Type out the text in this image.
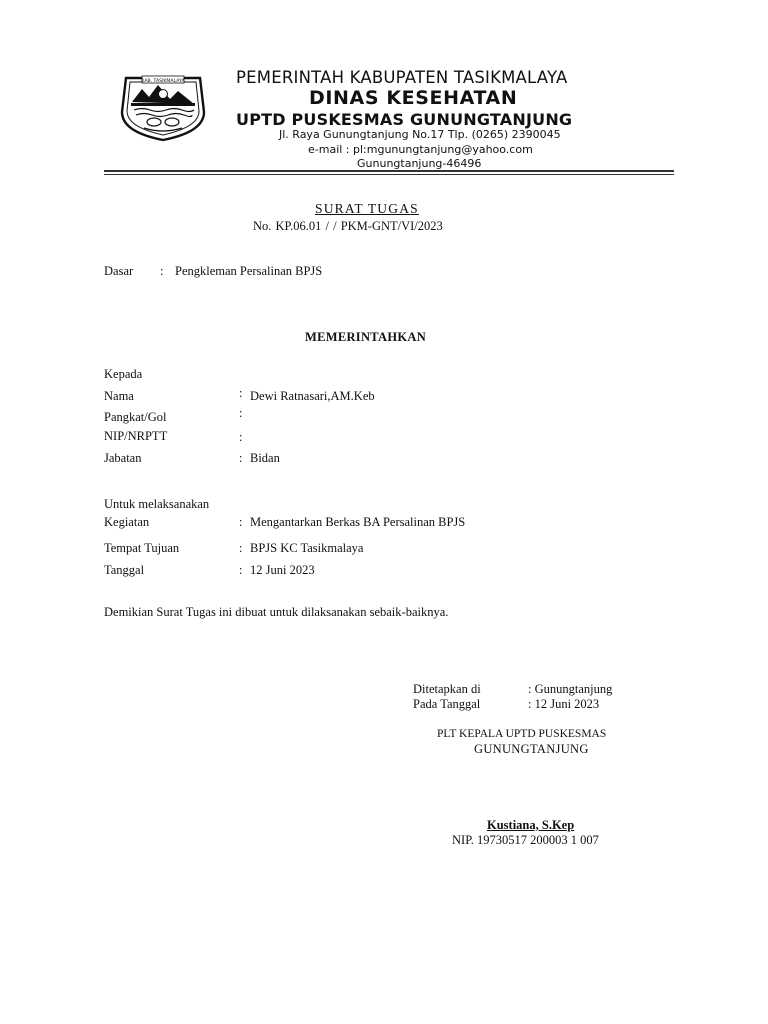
KAB. TASIKMALAYA	PEMERINTAH KABUPATEN TASIKMALAYA
DINAS KESEHATAN
UPTD PUSKESMAS GUNUNGTANJUNG
Jl. Raya Gunungtanjung No.17 Tlp. (0265) 2390045
e-mail : pl:mgunungtanjung@yahoo.com
Gunungtanjung-46496
SURAT TUGAS
No. KP.06.01 / / PKM-GNT/VI/2023
Dasar : Pengkleman Persalinan BPJS
MEMERINTAHKAN
Kepada
Nama	: Dewi Ratnasari,AM.Keb
Pangkat/Gol	:
NIP/NRPTT	:
Jabatan	: Bidan
Untuk melaksanakan
Kegiatan	: Mengantarkan Berkas BA Persalinan BPJS
Tempat Tujuan	: BPJS KC Tasikmalaya
Tanggal	: 12 Juni 2023
Demikian Surat Tugas ini dibuat untuk dilaksanakan sebaik-baiknya.
Ditetapkan di	: Gunungtanjung
Pada Tanggal	: 12 Juni 2023
PLT KEPALA UPTD PUSKESMAS
GUNUNGTANJUNG
Kustiana, S.Kep
NIP. 19730517 200003 1 007
